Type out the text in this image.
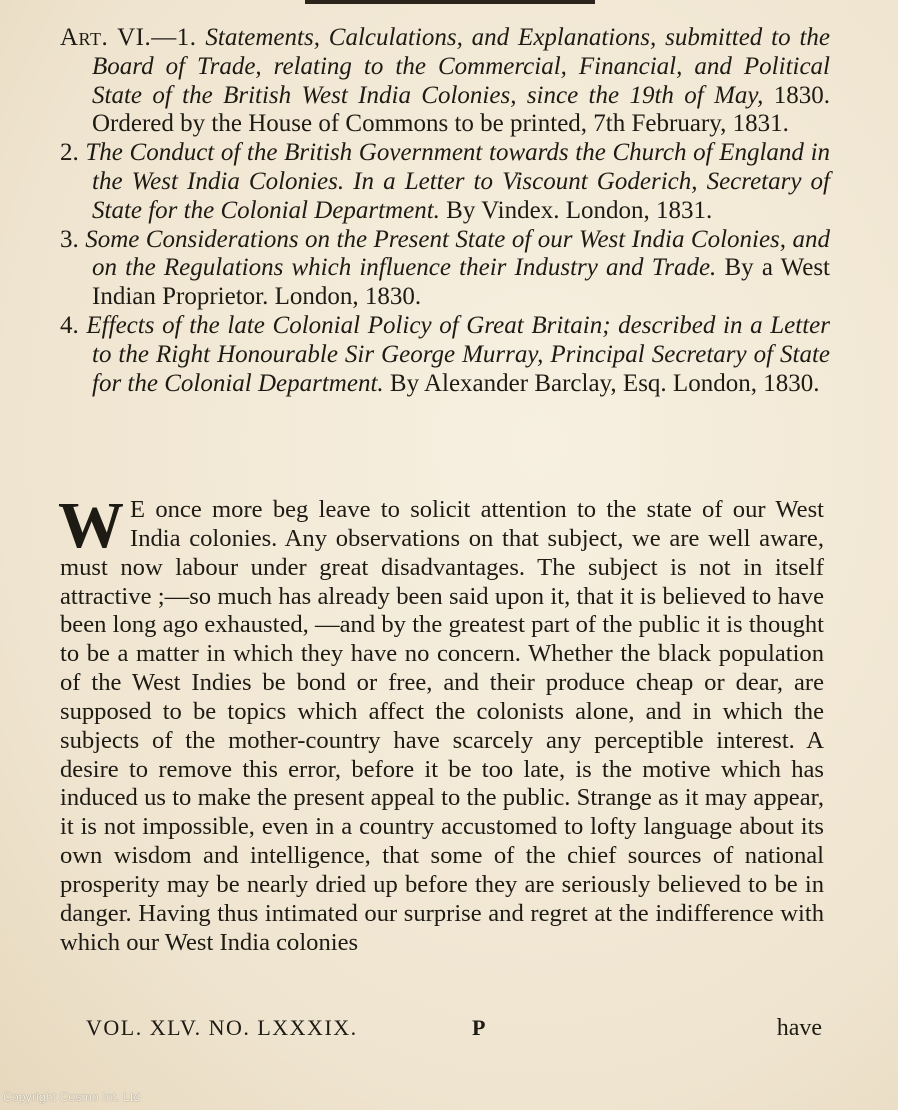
Art. VI.—1. Statements, Calculations, and Explanations, submitted to the Board of Trade, relating to the Commercial, Financial, and Political State of the British West India Colonies, since the 19th of May, 1830. Ordered by the House of Commons to be printed, 7th February, 1831.

2. The Conduct of the British Government towards the Church of England in the West India Colonies. In a Letter to Viscount Goderich, Secretary of State for the Colonial Department. By Vindex. London, 1831.

3. Some Considerations on the Present State of our West India Colonies, and on the Regulations which influence their Industry and Trade. By a West Indian Proprietor. London, 1830.

4. Effects of the late Colonial Policy of Great Britain; described in a Letter to the Right Honourable Sir George Murray, Principal Secretary of State for the Colonial Department. By Alexander Barclay, Esq. London, 1830.

W E once more beg leave to solicit attention to the state of our West India colonies. Any observations on that subject, we are well aware, must now labour under great disadvantages. The subject is not in itself attractive ;—so much has already been said upon it, that it is believed to have been long ago exhausted, —and by the greatest part of the public it is thought to be a matter in which they have no concern. Whether the black population of the West Indies be bond or free, and their produce cheap or dear, are supposed to be topics which affect the colonists alone, and in which the subjects of the mother-country have scarcely any perceptible interest. A desire to remove this error, before it be too late, is the motive which has induced us to make the present appeal to the public. Strange as it may appear, it is not impossible, even in a country accustomed to lofty language about its own wisdom and intelligence, that some of the chief sources of national prosperity may be nearly dried up before they are seriously believed to be in danger. Having thus intimated our surprise and regret at the indifference with which our West India colonies
VOL. XLV. NO. LXXXIX.	P	have
Copyright Cosmo Int. Ltd
